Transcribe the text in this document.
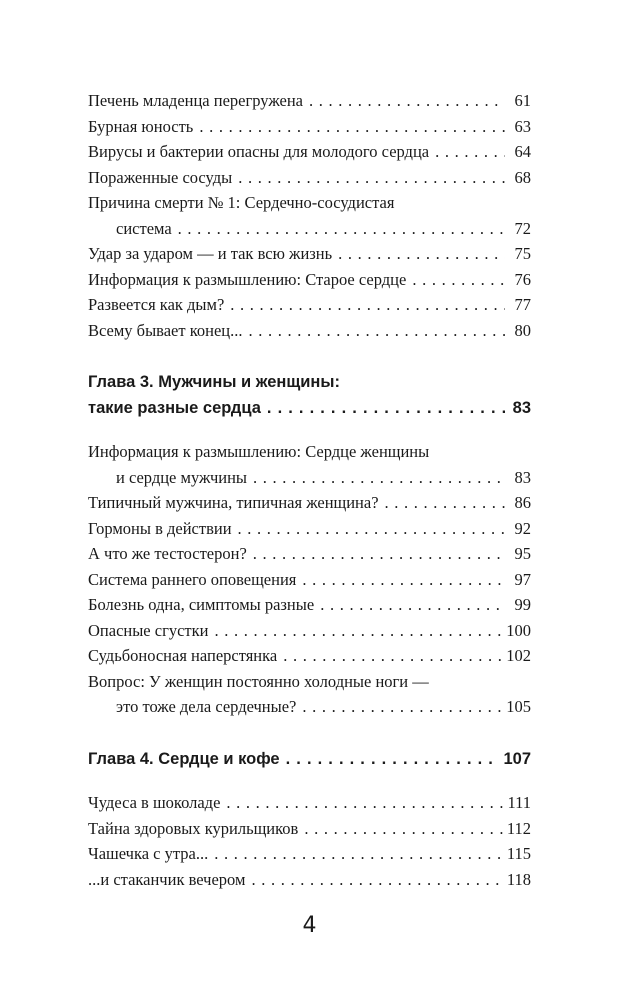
Печень младенца перегружена . . .	61
Бурная юность . . .	63
Вирусы и бактерии опасны для молодого сердца . . .	64
Пораженные сосуды . . .	68
Причина смерти № 1: Сердечно-сосудистая
система . . .	72
Удар за ударом — и так всю жизнь . . .	75
Информация к размышлению: Старое сердце . . .	76
Развеется как дым? . . .	77
Всему бывает конец... . . .	80
Глава 3. Мужчины и женщины:
такие разные сердца . . .	83
Информация к размышлению: Сердце женщины
и сердце мужчины . . .	83
Типичный мужчина, типичная женщина? . . .	86
Гормоны в действии . . .	92
А что же тестостерон? . . .	95
Система раннего оповещения . . .	97
Болезнь одна, симптомы разные . . .	99
Опасные сгустки . . .	100
Судьбоносная наперстянка . . .	102
Вопрос: У женщин постоянно холодные ноги —
это тоже дела сердечные? . . .	105
Глава 4. Сердце и кофе . . .	107
Чудеса в шоколаде . . .	111
Тайна здоровых курильщиков . . .	112
Чашечка с утра... . . .	115
...и стаканчик вечером . . .	118
4
